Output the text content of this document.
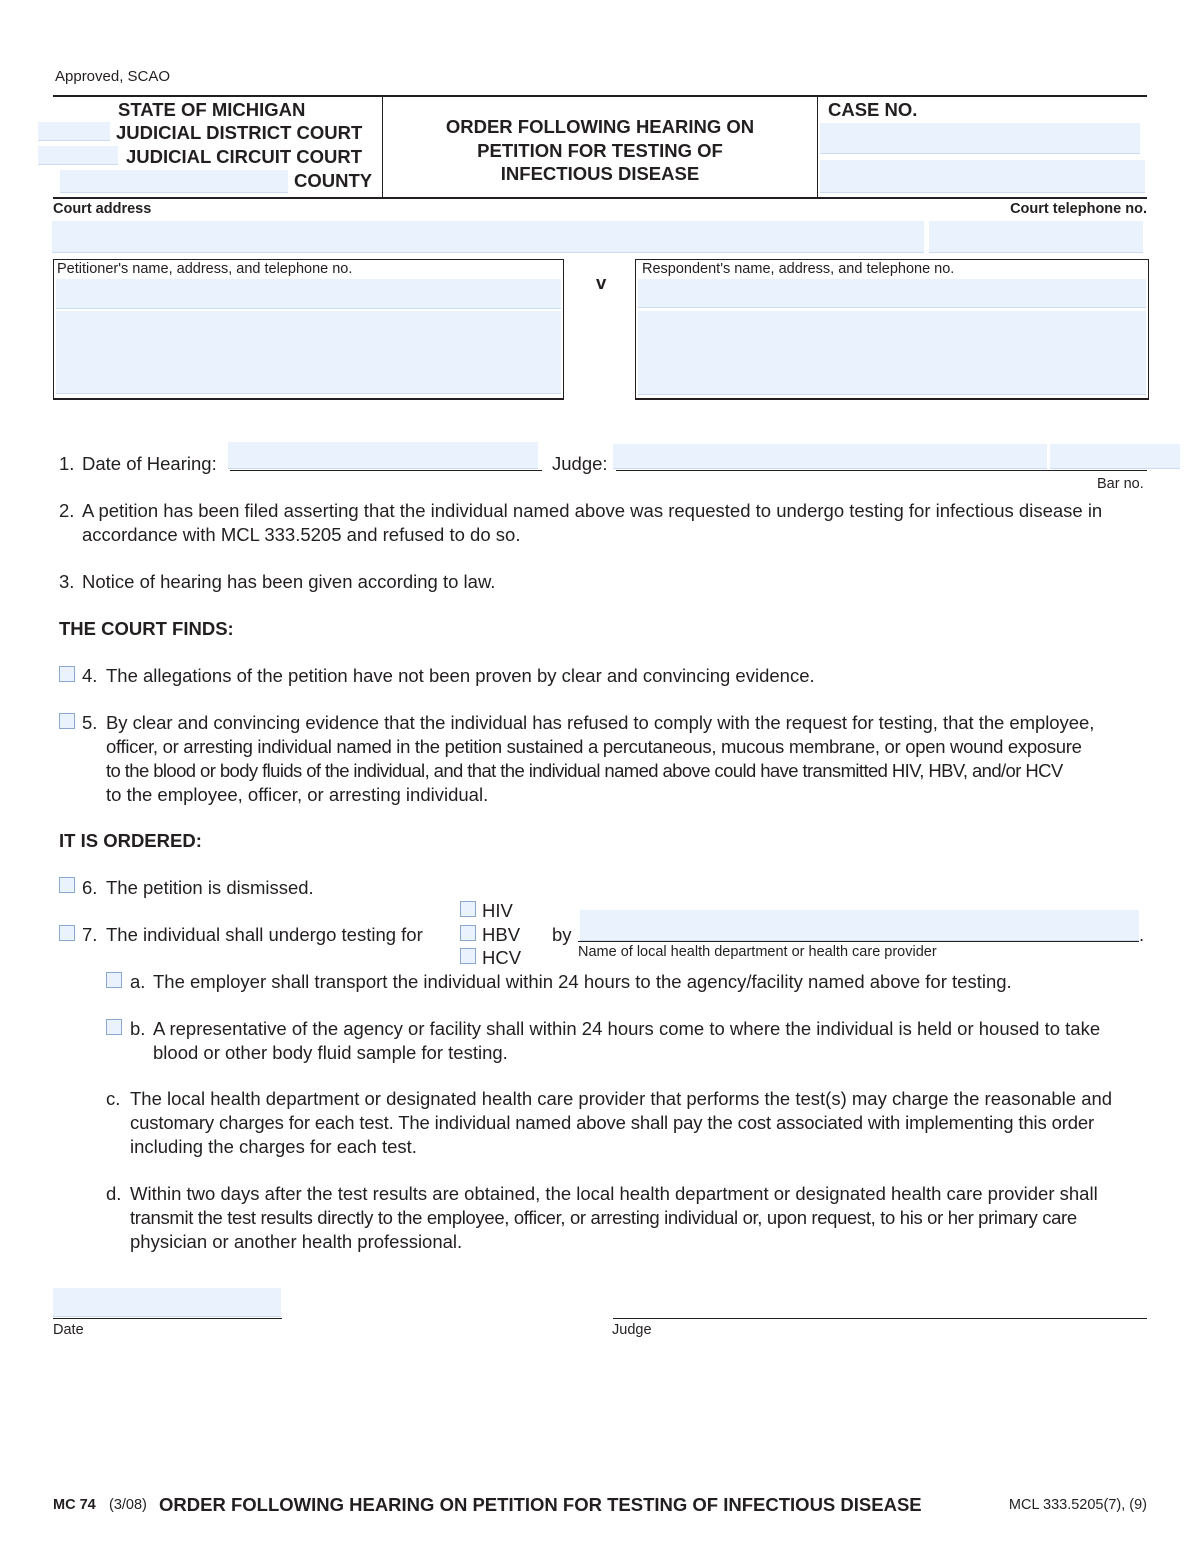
Approved, SCAO
STATE OF MICHIGAN
JUDICIAL DISTRICT COURT
JUDICIAL CIRCUIT COURT
COUNTY
ORDER FOLLOWING HEARING ON
PETITION FOR TESTING OF
INFECTIOUS DISEASE
CASE NO.
Court address	Court telephone no.
Petitioner's name, address, and telephone no.
v
Respondent's name, address, and telephone no.
1. Date of Hearing:	Judge:
Bar no.
2. A petition has been filed asserting that the individual named above was requested to undergo testing for infectious disease in
accordance with MCL 333.5205 and refused to do so.
3. Notice of hearing has been given according to law.
THE COURT FINDS:
4. The allegations of the petition have not been proven by clear and convincing evidence.
5. By clear and convincing evidence that the individual has refused to comply with the request for testing, that the employee,
officer, or arresting individual named in the petition sustained a percutaneous, mucous membrane, or open wound exposure
to the blood or body fluids of the individual, and that the individual named above could have transmitted HIV, HBV, and/or HCV
to the employee, officer, or arresting individual.
IT IS ORDERED:
6. The petition is dismissed.
7. The individual shall undergo testing for
HIV
HBV
HCV
by	.
Name of local health department or health care provider
a. The employer shall transport the individual within 24 hours to the agency/facility named above for testing.
b. A representative of the agency or facility shall within 24 hours come to where the individual is held or housed to take
blood or other body fluid sample for testing.
c. The local health department or designated health care provider that performs the test(s) may charge the reasonable and
customary charges for each test. The individual named above shall pay the cost associated with implementing this order
including the charges for each test.
d. Within two days after the test results are obtained, the local health department or designated health care provider shall
transmit the test results directly to the employee, officer, or arresting individual or, upon request, to his or her primary care
physician or another health professional.
Date	Judge
MC 74 (3/08) ORDER FOLLOWING HEARING ON PETITION FOR TESTING OF INFECTIOUS DISEASE	MCL 333.5205(7), (9)
